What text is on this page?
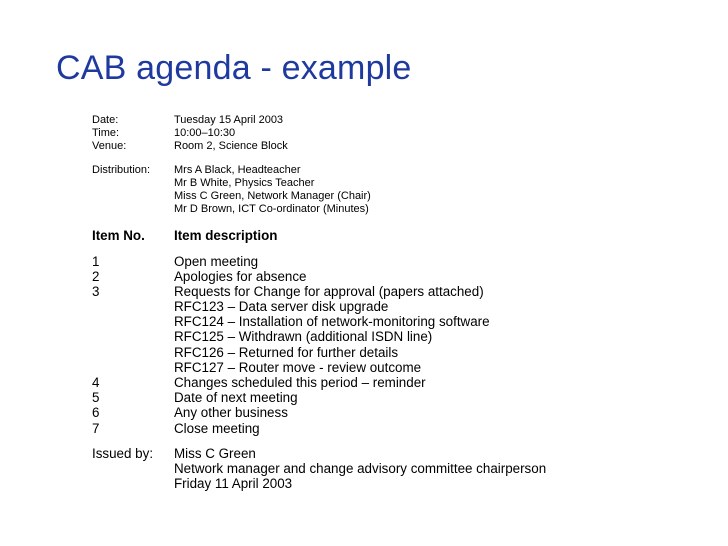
CAB agenda - example
Date:	Tuesday 15 April 2003
Time:	10:00–10:30
Venue:	Room 2, Science Block
Distribution: Mrs A Black, Headteacher
Mr B White, Physics Teacher
Miss C Green, Network Manager (Chair)
Mr D Brown, ICT Co-ordinator (Minutes)
Item No. Item description
1	Open meeting
2	Apologies for absence
3	Requests for Change for approval (papers attached)
RFC123 – Data server disk upgrade
RFC124 – Installation of network-monitoring software
RFC125 – Withdrawn (additional ISDN line)
RFC126 – Returned for further details
RFC127 – Router move - review outcome
4	Changes scheduled this period – reminder
5	Date of next meeting
6	Any other business
7	Close meeting
Issued by: Miss C Green
Network manager and change advisory committee chairperson
Friday 11 April 2003
